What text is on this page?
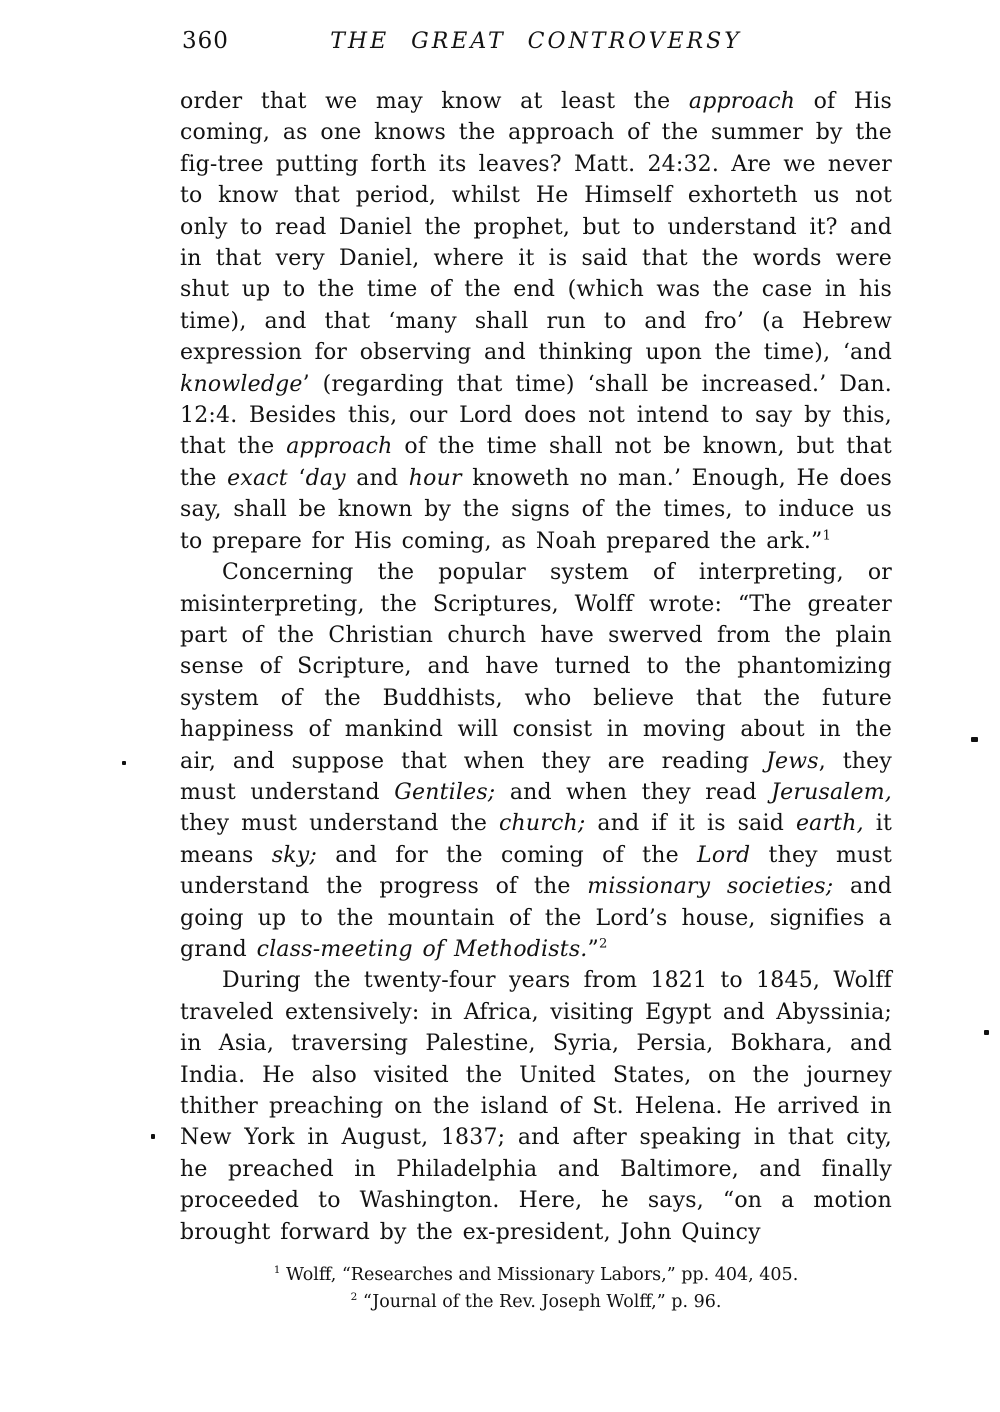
360	THE GREAT CONTROVERSY

order that we may know at least the approach of His coming, as one knows the approach of the summer by the fig-tree putting forth its leaves? Matt. 24:32. Are we never to know that period, whilst He Himself exhorteth us not only to read Daniel the prophet, but to understand it? and in that very Daniel, where it is said that the words were shut up to the time of the end (which was the case in his time), and that ‘many shall run to and fro’ (a Hebrew expression for observing and thinking upon the time), ‘and knowledge’ (regarding that time) ‘shall be increased.’ Dan. 12:4. Besides this, our Lord does not intend to say by this, that the approach of the time shall not be known, but that the exact ‘day and hour knoweth no man.’ Enough, He does say, shall be known by the signs of the times, to induce us to prepare for His coming, as Noah prepared the ark.”$^1$

Concerning the popular system of interpreting, or misinterpreting, the Scriptures, Wolff wrote: “The greater part of the Christian church have swerved from the plain sense of Scripture, and have turned to the phantomizing system of the Buddhists, who believe that the future happiness of mankind will consist in moving about in the air, and suppose that when they are reading Jews, they must understand Gentiles; and when they read Jerusalem, they must understand the church; and if it is said earth, it means sky; and for the coming of the Lord they must understand the progress of the missionary societies; and going up to the mountain of the Lord’s house, signifies a grand class-meeting of Methodists.”$^2$

During the twenty-four years from 1821 to 1845, Wolff traveled extensively: in Africa, visiting Egypt and Abyssinia; in Asia, traversing Palestine, Syria, Persia, Bokhara, and India. He also visited the United States, on the journey thither preaching on the island of St. Helena. He arrived in New York in August, 1837; and after speaking in that city, he preached in Philadelphia and Baltimore, and finally proceeded to Washington. Here, he says, “on a motion brought forward by the ex-president, John Quincy

$^1$ Wolff, “Researches and Missionary Labors,” pp. 404, 405.
$^2$ “Journal of the Rev. Joseph Wolff,” p. 96.
